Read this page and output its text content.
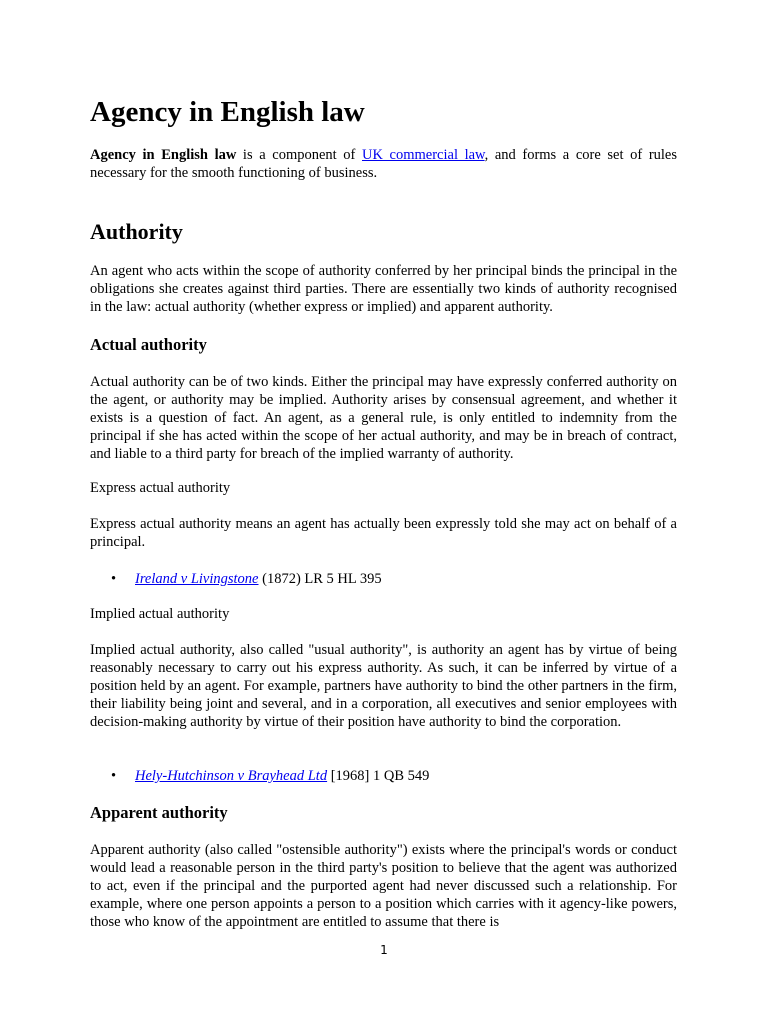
Agency in English law

Agency in English law is a component of UK commercial law, and forms a core set of rules necessary for the smooth functioning of business.

Authority

An agent who acts within the scope of authority conferred by her principal binds the principal in the obligations she creates against third parties. There are essentially two kinds of authority recognised in the law: actual authority (whether express or implied) and apparent authority.

Actual authority

Actual authority can be of two kinds. Either the principal may have expressly conferred authority on the agent, or authority may be implied. Authority arises by consensual agreement, and whether it exists is a question of fact. An agent, as a general rule, is only entitled to indemnity from the principal if she has acted within the scope of her actual authority, and may be in breach of contract, and liable to a third party for breach of the implied warranty of authority.

Express actual authority

Express actual authority means an agent has actually been expressly told she may act on behalf of a principal.

• Ireland v Livingstone (1872) LR 5 HL 395

Implied actual authority

Implied actual authority, also called "usual authority", is authority an agent has by virtue of being reasonably necessary to carry out his express authority. As such, it can be inferred by virtue of a position held by an agent. For example, partners have authority to bind the other partners in the firm, their liability being joint and several, and in a corporation, all executives and senior employees with decision-making authority by virtue of their position have authority to bind the corporation.

• Hely-Hutchinson v Brayhead Ltd [1968] 1 QB 549
Apparent authority

Apparent authority (also called "ostensible authority") exists where the principal's words or conduct would lead a reasonable person in the third party's position to believe that the agent was authorized to act, even if the principal and the purported agent had never discussed such a relationship. For example, where one person appoints a person to a position which carries with it agency-like powers, those who know of the appointment are entitled to assume that there is

1
